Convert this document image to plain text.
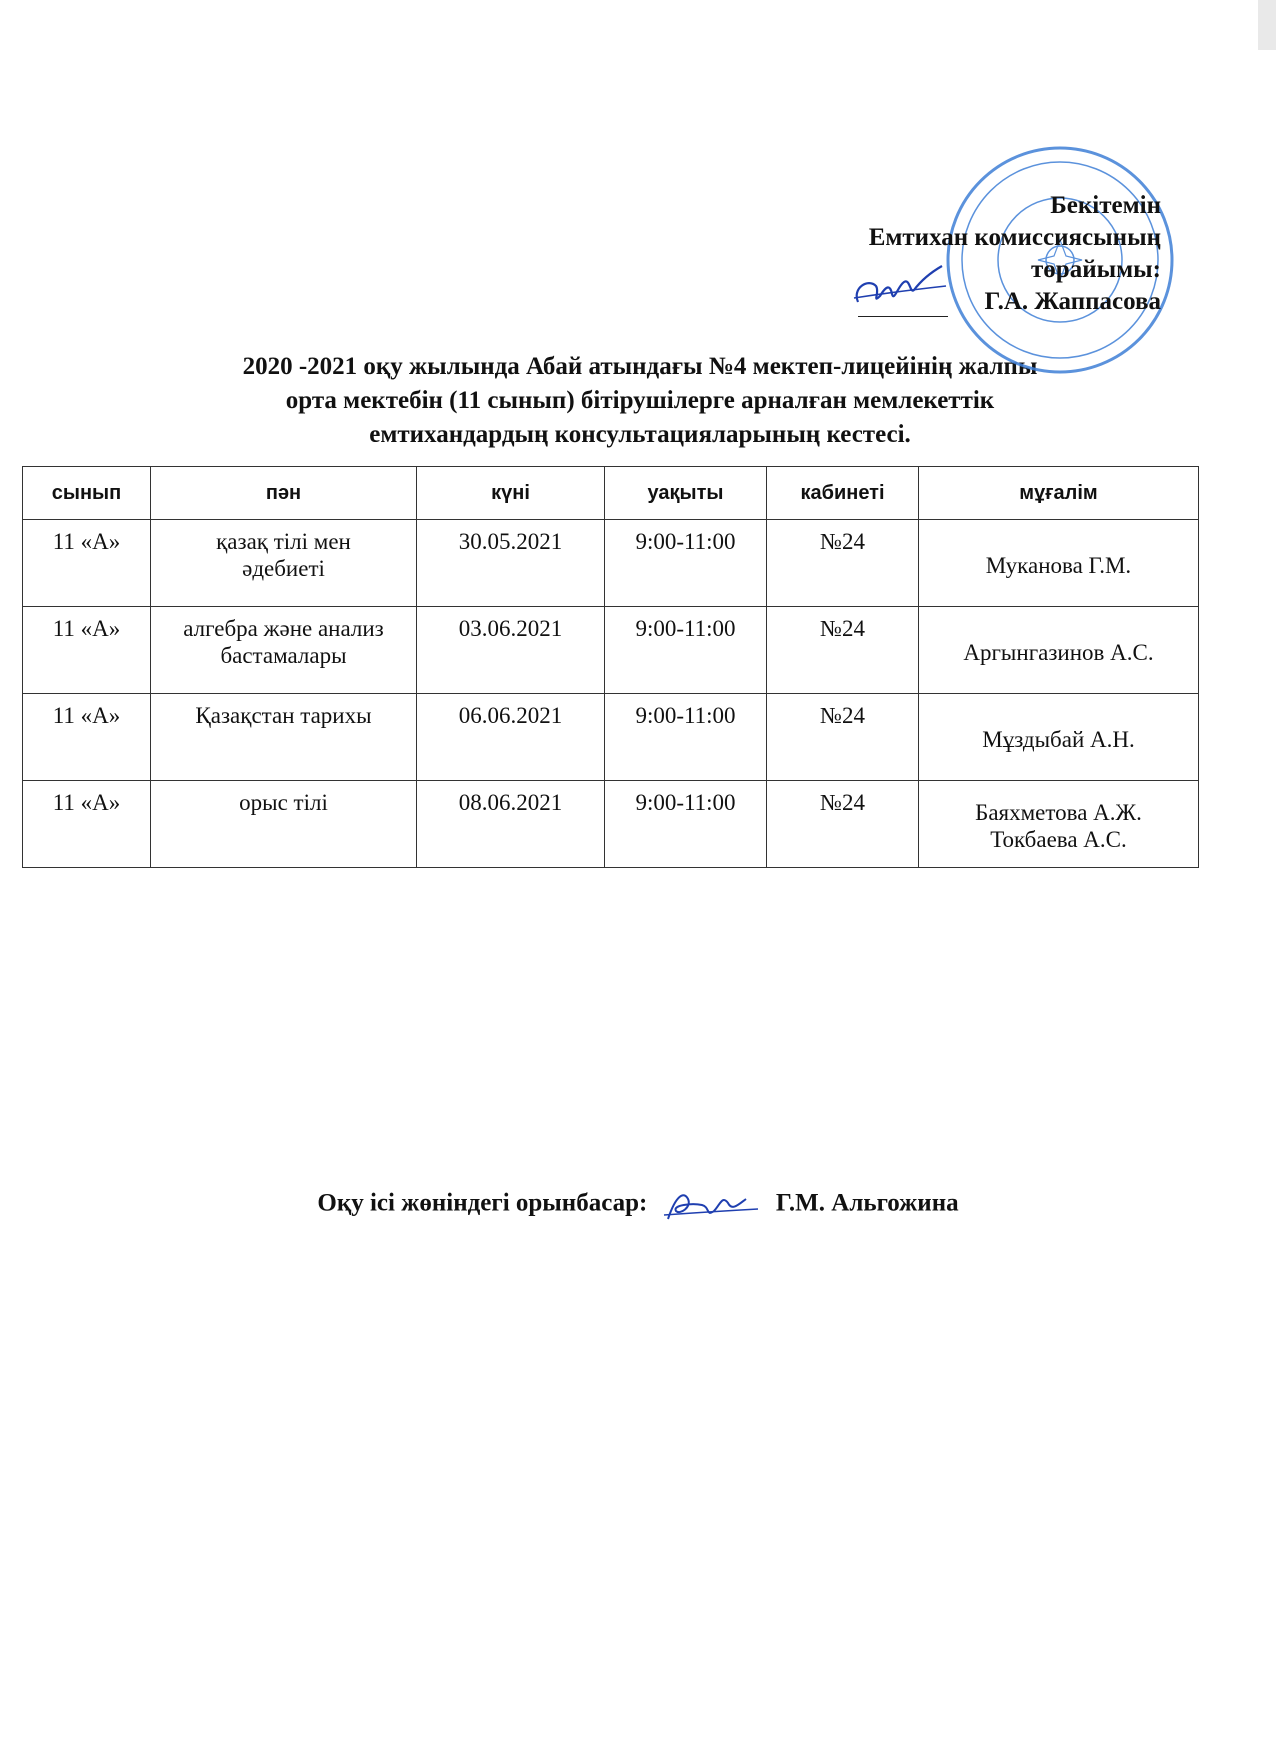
Бекітемін
Емтихан комиссиясының
төрайымы:
Г.А. Жаппасова
2020 -2021 оқу жылында Абай атындағы №4 мектеп-лицейінің жалпы
орта мектебін (11 сынып) бітірушілерге арналған мемлекеттік
емтихандардың консультацияларының кестесі.
сынып	пән	күні	уақыты	кабинеті	мұғалім
11 «А»	қазақ тілі мен
әдебиеті	30.05.2021	9:00-11:00	№24	Муканова Г.М.

11 «А»	алгебра және анализ
бастамалары	03.06.2021	9:00-11:00	№24	Аргынгазинов А.С.

11 «А»	Қазақстан тарихы	06.06.2021	9:00-11:00	№24	Мұздыбай А.Н.

11 «А»	орыс тілі	08.06.2021	9:00-11:00	№24	Баяхметова А.Ж.
Токбаева А.С.
Оқу ісі жөніндегі орынбасар:	Г.М. Альгожина
